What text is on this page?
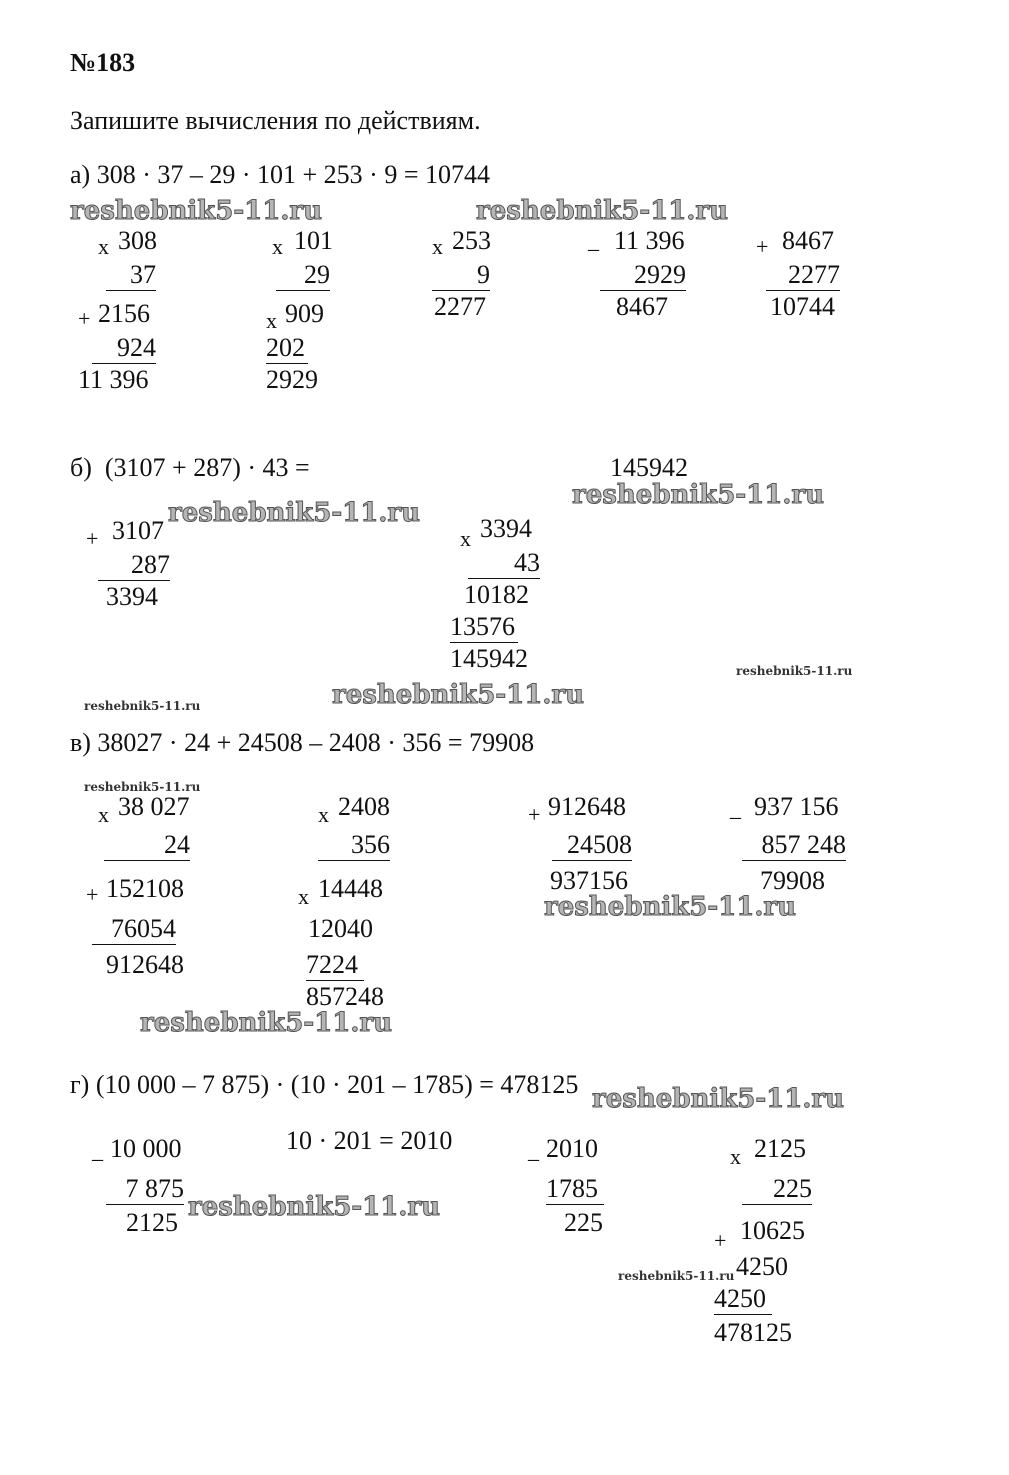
№183
Запишите вычисления по действиям.
а) 308 · 37 – 29 · 101 + 253 · 9 = 10744
reshebnik5-11.ru	reshebnik5-11.ru
x 308
37
+ 2156
924
11 396
x 101
29
x 909
202
2929
x 253
9
2277
_ 11 396
2929
8467
+ 8467
2277
10744
б)  (3107 + 287) · 43 =	145942
reshebnik5-11.ru
reshebnik5-11.ru
+ 3107
287
3394
x 3394
43
10182
13576
145942	reshebnik5-11.ru
reshebnik5-11.ru
reshebnik5-11.ru
в) 38027 · 24 + 24508 – 2408 · 356 = 79908
reshebnik5-11.ru
x 38 027
24
+ 152108
76054
912648
x 2408
356
x 14448
12040
7224
857248
reshebnik5-11.ru
+ 912648
24508
937156
reshebnik5-11.ru
_ 937 156
857 248
79908
г) (10 000 – 7 875) · (10 · 201 – 1785) = 478125 reshebnik5-11.ru
_ 10 000
7 875
2125
reshebnik5-11.ru
10 · 201 = 2010	_ 2010
1785
225
x 2125
225
+ 10625
4250
reshebnik5-11.ru
4250
478125
